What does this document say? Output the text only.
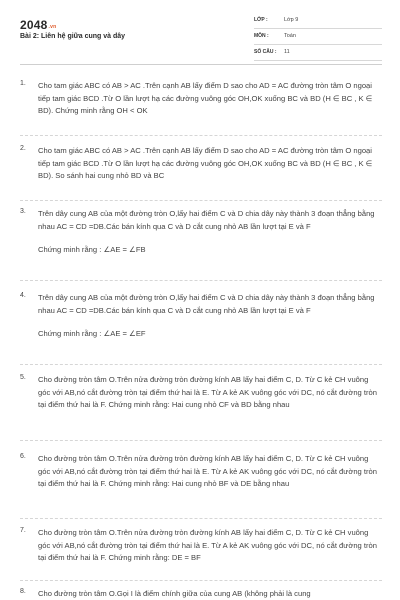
$2048^{.vn}$
Bài 2: Liên hệ giữa cung và dây
LỚP :	Lớp 9
MÔN :	Toán
SỐ CÂU : 11
1. Cho tam giác ABC có AB > AC .Trên cạnh AB lấy điểm D sao cho AD = AC đường tròn tâm O ngoại tiếp tam giác BCD .Từ O lần lượt hạ các đường vuông góc OH,OK xuống BC và BD (H ∈ BC , K ∈ BD). Chứng minh rằng OH < OK
2. Cho tam giác ABC có AB > AC .Trên cạnh AB lấy điểm D sao cho AD = AC đường tròn tâm O ngoại tiếp tam giác BCD .Từ O lần lượt hạ các đường vuông góc OH,OK xuống BC và BD (H ∈ BC , K ∈ BD). So sánh hai cung nhỏ BD và BC
3. Trên dây cung AB của một đường tròn O,lấy hai điểm C và D chia dây này thành 3 đoạn thẳng bằng nhau AC = CD =DB.Các bán kính qua C và D cắt cung nhỏ AB lần lượt tại E và F
Chứng minh rằng : ∠AE = ∠FB
4. Trên dây cung AB của một đường tròn O,lấy hai điểm C và D chia dây này thành 3 đoạn thẳng bằng nhau AC = CD =DB.Các bán kính qua C và D cắt cung nhỏ AB lần lượt tại E và F
Chứng minh rằng : ∠AE = ∠EF
5. Cho đường tròn tâm O.Trên nửa đường tròn đường kính AB lấy hai điểm C, D. Từ C kẻ CH vuông góc với AB,nó cắt đường tròn tại điểm thứ hai là E. Từ A kẻ AK vuông góc với DC, nó cắt đường tròn tại điểm thứ hai là F. Chứng minh rằng: Hai cung nhỏ CF và BD bằng nhau
6. Cho đường tròn tâm O.Trên nửa đường tròn đường kính AB lấy hai điểm C, D. Từ C kẻ CH vuông góc với AB,nó cắt đường tròn tại điểm thứ hai là E. Từ A kẻ AK vuông góc với DC, nó cắt đường tròn tại điểm thứ hai là F. Chứng minh rằng: Hai cung nhỏ BF và DE bằng nhau
7. Cho đường tròn tâm O.Trên nửa đường tròn đường kính AB lấy hai điểm C, D. Từ C kẻ CH vuông góc với AB,nó cắt đường tròn tại điểm thứ hai là E. Từ A kẻ AK vuông góc với DC, nó cắt đường tròn tại điểm thứ hai là F. Chứng minh rằng: DE = BF
8. Cho đường tròn tâm O.Gọi I là điểm chính giữa của cung AB (không phải là cung
